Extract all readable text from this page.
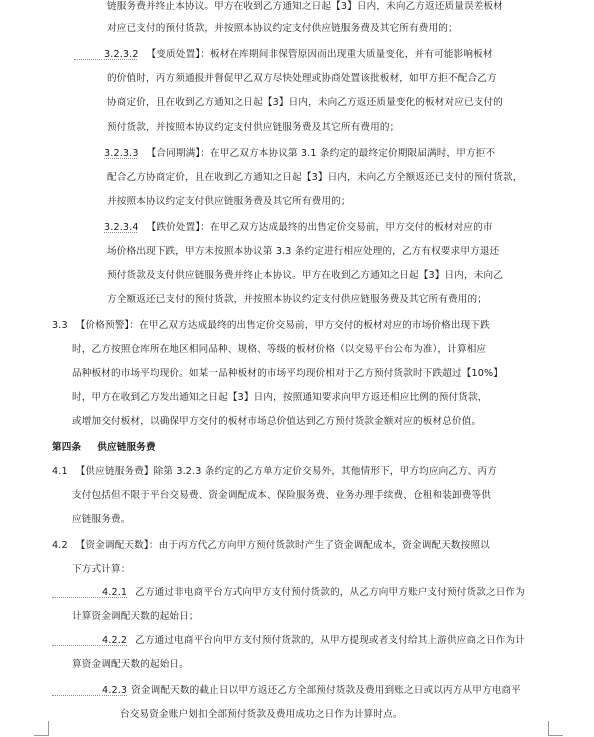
链服务费并终止本协议。甲方在收到乙方通知之日起【3】日内，未向乙方返还质量误差板材
对应已支付的预付货款，并按照本协议约定支付供应链服务费及其它所有费用的；
3.2.3.2 【变质处置】：板材在库期间非保管原因而出现重大质量变化，并有可能影响板材
的价值时，丙方须通报并督促甲乙双方尽快处理或协商处置该批板材，如甲方拒不配合乙方
协商定价，且在收到乙方通知之日起【3】日内，未向乙方返还质量变化的板材对应已支付的
预付货款，并按照本协议约定支付供应链服务费及其它所有费用的；
3.2.3.3 【合同期满】：在甲乙双方本协议第 3.1 条约定的最终定价期限届满时，甲方拒不
配合乙方协商定价，且在收到乙方通知之日起【3】日内，未向乙方全额返还已支付的预付货款，
并按照本协议约定支付供应链服务费及其它所有费用的；
3.2.3.4 【跌价处置】：在甲乙双方达成最终的出售定价交易前，甲方交付的板材对应的市
场价格出现下跌，甲方未按照本协议第 3.3 条约定进行相应处理的，乙方有权要求甲方退还
预付货款及支付供应链服务费并终止本协议。甲方在收到乙方通知之日起【3】日内，未向乙
方全额返还已支付的预付货款，并按照本协议约定支付供应链服务费及其它所有费用的；
3.3 【价格预警】：在甲乙双方达成最终的出售定价交易前，甲方交付的板材对应的市场价格出现下跌
时，乙方按照仓库所在地区相同品种、规格、等级的板材价格（以交易平台公布为准），计算相应
品种板材的市场平均现价。如某一品种板材的市场平均现价相对于乙方预付货款时下跌超过【10%】
时，甲方在收到乙方发出通知之日起【3】日内，按照通知要求向甲方返还相应比例的预付货款，
或增加交付板材，以确保甲方交付的板材市场总价值达到乙方预付货款金额对应的板材总价值。
第四条 供应链服务费
4.1 【供应链服务费】除第 3.2.3 条约定的乙方单方定价交易外，其他情形下，甲方均应向乙方、丙方
支付包括但不限于平台交易费、资金调配成本、保险服务费、业务办理手续费、仓租和装卸费等供
应链服务费。
4.2 【资金调配天数】：由于丙方代乙方向甲方预付货款时产生了资金调配成本，资金调配天数按照以
下方式计算：
4.2.1 乙方通过非电商平台方式向甲方支付预付货款的，从乙方向甲方账户支付预付货款之日作为
计算资金调配天数的起始日；
4.2.2 乙方通过电商平台向甲方支付预付货款的，从甲方提现或者支付给其上游供应商之日作为计
算资金调配天数的起始日。
4.2.3 资金调配天数的截止日以甲方返还乙方全部预付货款及费用到账之日或以丙方从甲方电商平
台交易资金账户划扣全部预付货款及费用成功之日作为计算时点。
